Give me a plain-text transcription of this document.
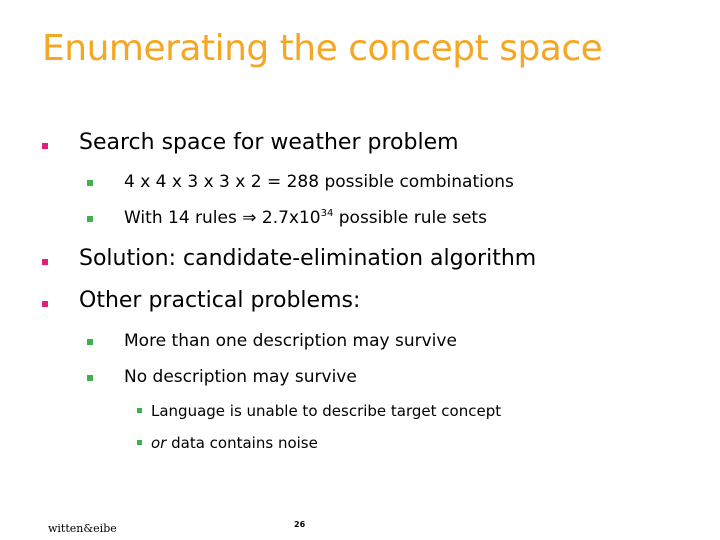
Enumerating the concept space
Search space for weather problem
4 x 4 x 3 x 3 x 2 = 288 possible combinations
With 14 rules ⇒ $2.7x10^{34}$ possible rule sets
Solution: candidate-elimination algorithm
Other practical problems:
More than one description may survive
No description may survive
Language is unable to describe target concept
or data contains noise
witten&eibe	26
